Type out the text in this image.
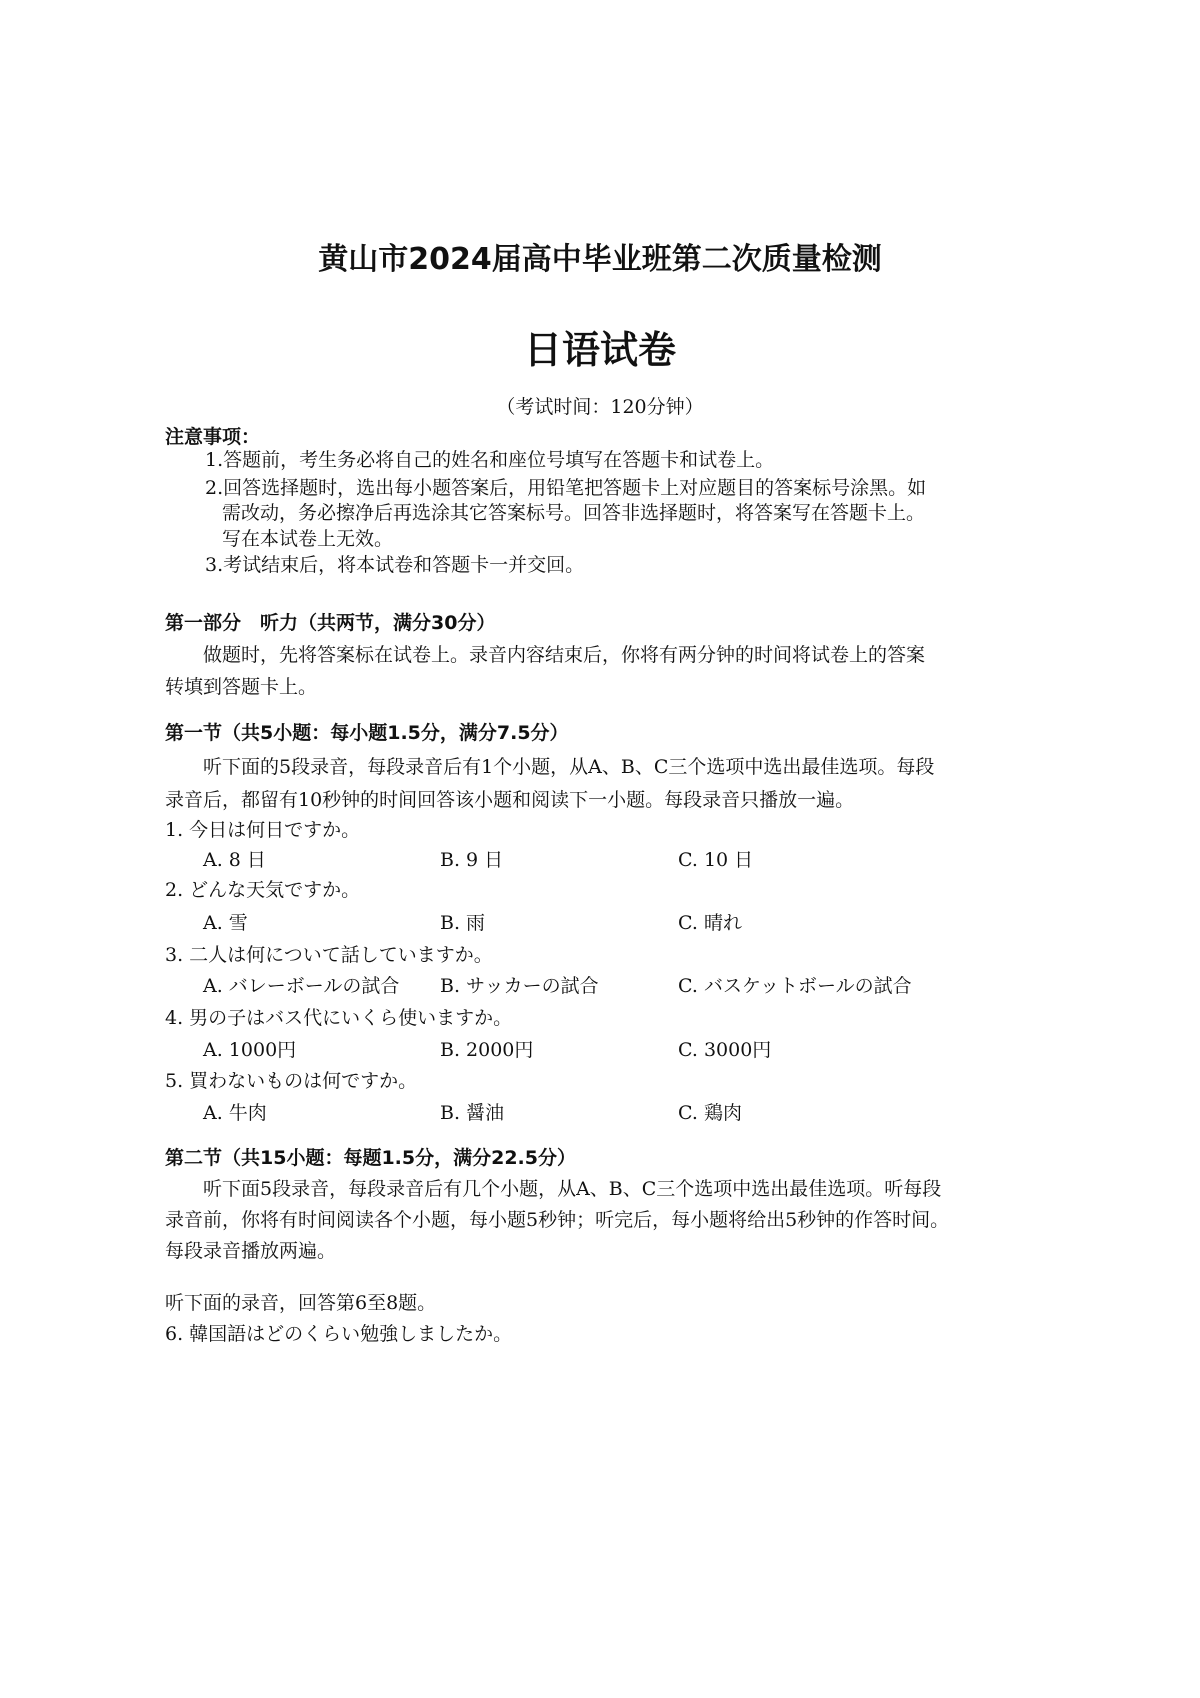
黄山市2024届高中毕业班第二次质量检测
日语试卷
（考试时间：120分钟）
注意事项：
1.答题前，考生务必将自己的姓名和座位号填写在答题卡和试卷上。
2.回答选择题时，选出每小题答案后，用铅笔把答题卡上对应题目的答案标号涂黑。如
需改动，务必擦净后再选涂其它答案标号。回答非选择题时，将答案写在答题卡上。
写在本试卷上无效。
3.考试结束后，将本试卷和答题卡一并交回。
第一部分　听力（共两节，满分30分）
做题时，先将答案标在试卷上。录音内容结束后，你将有两分钟的时间将试卷上的答案
转填到答题卡上。
第一节（共5小题：每小题1.5分，满分7.5分）
听下面的5段录音，每段录音后有1个小题，从A、B、C三个选项中选出最佳选项。每段
录音后，都留有10秒钟的时间回答该小题和阅读下一小题。每段录音只播放一遍。
1. 今日は何日ですか。
A. 8 日	B. 9 日	C. 10 日
2. どんな天気ですか。
A. 雪	B. 雨	C. 晴れ
3. 二人は何について話していますか。
A. バレーボールの試合 B. サッカーの試合	C. バスケットボールの試合
4. 男の子はバス代にいくら使いますか。
A. 1000円	B. 2000円	C. 3000円
5. 買わないものは何ですか。
A. 牛肉	B. 醤油	C. 鶏肉
第二节（共15小题：每题1.5分，满分22.5分）
听下面5段录音，每段录音后有几个小题，从A、B、C三个选项中选出最佳选项。听每段
录音前，你将有时间阅读各个小题，每小题5秒钟；听完后，每小题将给出5秒钟的作答时间。
每段录音播放两遍。
听下面的录音，回答第6至8题。
6. 韓国語はどのくらい勉強しましたか。
